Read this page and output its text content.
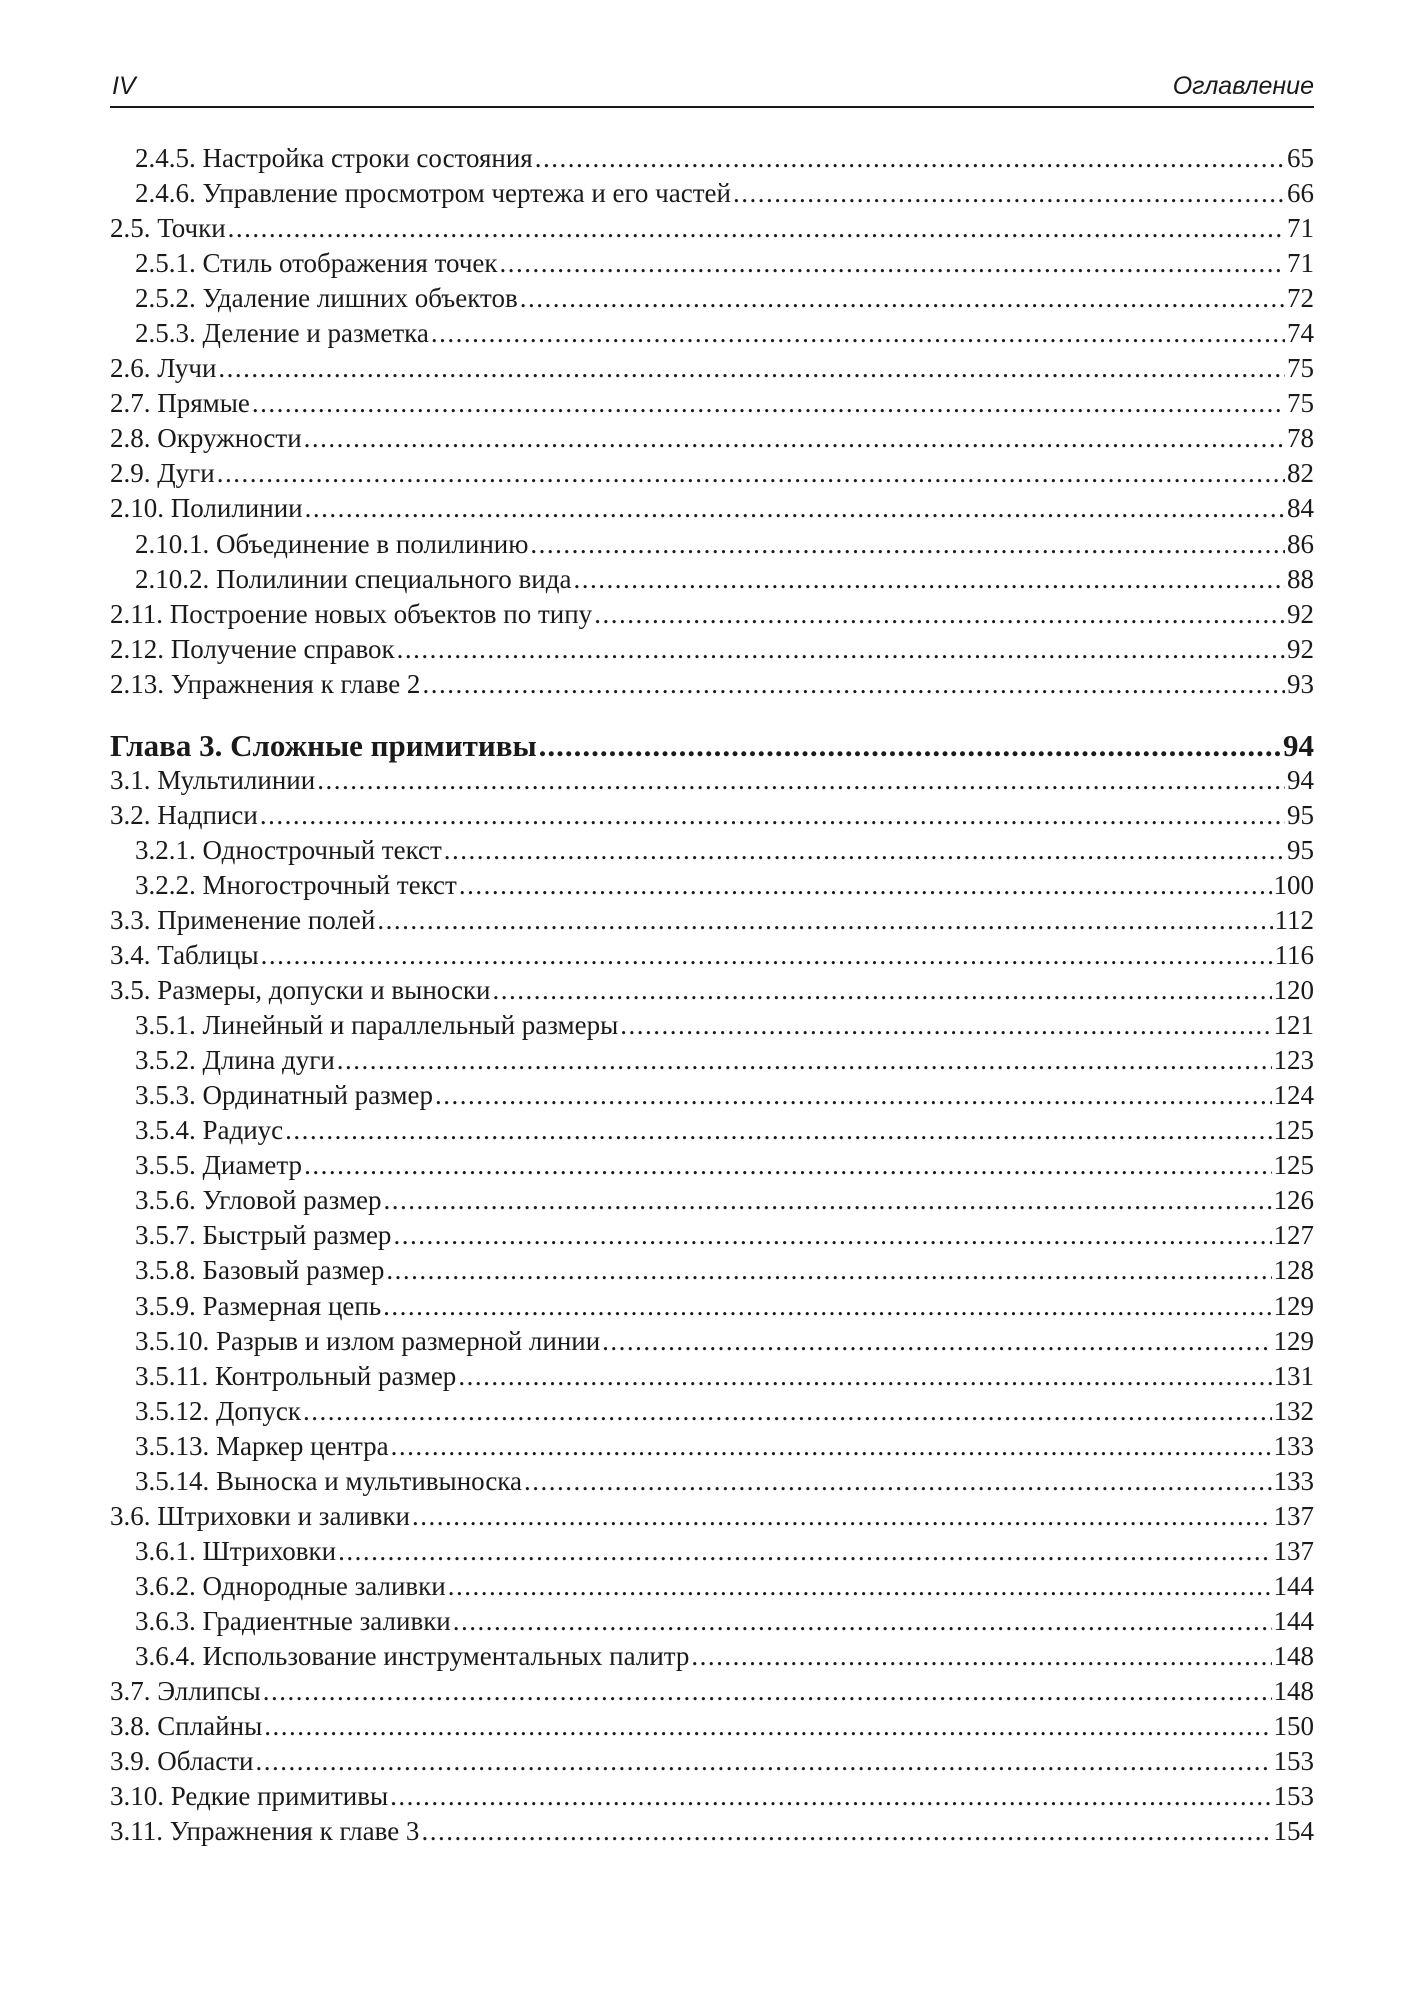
IV	Оглавление
2.4.5. Настройка строки состояния .....	65
2.4.6. Управление просмотром чертежа и его частей .....	66
2.5. Точки .....	71
2.5.1. Стиль отображения точек .....	71
2.5.2. Удаление лишних объектов .....	72
2.5.3. Деление и разметка .....	74
2.6. Лучи .....	75
2.7. Прямые .....	75
2.8. Окружности .....	78
2.9. Дуги .....	82
2.10. Полилинии .....	84
2.10.1. Объединение в полилинию .....	86
2.10.2. Полилинии специального вида .....	88
2.11. Построение новых объектов по типу .....	92
2.12. Получение справок .....	92
2.13. Упражнения к главе 2 .....	93
Глава 3. Сложные примитивы .....	94
3.1. Мультилинии .....	94
3.2. Надписи .....	95
3.2.1. Однострочный текст .....	95
3.2.2. Многострочный текст .....	100
3.3. Применение полей .....	112
3.4. Таблицы .....	116
3.5. Размеры, допуски и выноски .....	120
3.5.1. Линейный и параллельный размеры .....	121
3.5.2. Длина дуги .....	123
3.5.3. Ординатный размер .....	124
3.5.4. Радиус .....	125
3.5.5. Диаметр .....	125
3.5.6. Угловой размер .....	126
3.5.7. Быстрый размер .....	127
3.5.8. Базовый размер .....	128
3.5.9. Размерная цепь .....	129
3.5.10. Разрыв и излом размерной линии .....	129
3.5.11. Контрольный размер .....	131
3.5.12. Допуск .....	132
3.5.13. Маркер центра .....	133
3.5.14. Выноска и мультивыноска .....	133
3.6. Штриховки и заливки .....	137
3.6.1. Штриховки .....	137
3.6.2. Однородные заливки .....	144
3.6.3. Градиентные заливки .....	144
3.6.4. Использование инструментальных палитр .....	148
3.7. Эллипсы .....	148
3.8. Сплайны .....	150
3.9. Области .....	153
3.10. Редкие примитивы .....	153
3.11. Упражнения к главе 3 .....	154
